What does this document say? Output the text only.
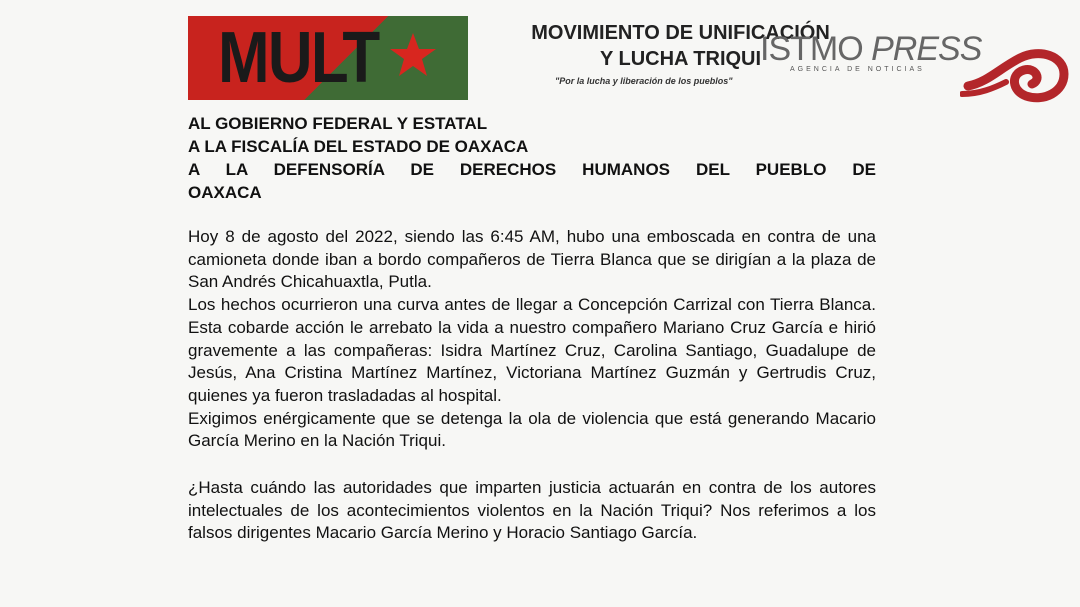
MULT	MOVIMIENTO DE UNIFICACIÓN
Y LUCHA TRIQUI
"Por la lucha y liberación de los pueblos"
ISTMO PRESS
AGENCIA DE NOTICIAS
AL GOBIERNO FEDERAL Y ESTATAL
A LA FISCALÍA DEL ESTADO DE OAXACA
A LA DEFENSORÍA DE DERECHOS HUMANOS DEL PUEBLO DE
OAXACA

Hoy 8 de agosto del 2022, siendo las 6:45 AM, hubo una emboscada en contra de una camioneta donde iban a bordo compañeros de Tierra Blanca que se dirigían a la plaza de San Andrés Chicahuaxtla, Putla.

Los hechos ocurrieron una curva antes de llegar a Concepción Carrizal con Tierra Blanca. Esta cobarde acción le arrebato la vida a nuestro compañero Mariano Cruz García e hirió gravemente a las compañeras: Isidra Martínez Cruz, Carolina Santiago, Guadalupe de Jesús, Ana Cristina Martínez Martínez, Victoriana Martínez Guzmán y Gertrudis Cruz, quienes ya fueron trasladadas al hospital.

Exigimos enérgicamente que se detenga la ola de violencia que está generando Macario García Merino en la Nación Triqui.

¿Hasta cuándo las autoridades que imparten justicia actuarán en contra de los autores intelectuales de los acontecimientos violentos en la Nación Triqui? Nos referimos a los falsos dirigentes Macario García Merino y Horacio Santiago García.
